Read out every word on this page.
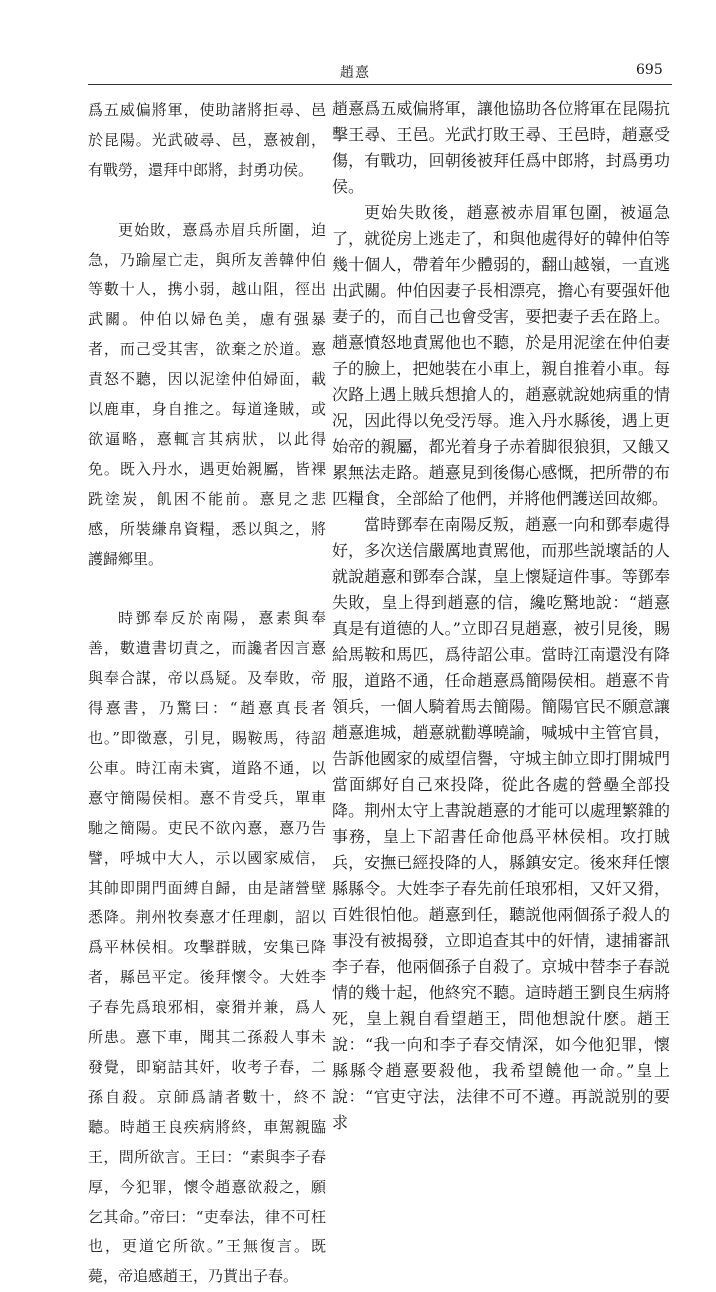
趙憙	695

爲五威偏將軍，使助諸將拒尋、邑於昆陽。光武破尋、邑，憙被創，有戰勞，還拜中郎將，封勇功侯。

更始敗，憙爲赤眉兵所圍，迫急，乃踰屋亡走，與所友善韓仲伯等數十人，携小弱，越山阻，徑出武關。仲伯以婦色美，慮有强暴者，而己受其害，欲棄之於道。憙責怒不聽，因以泥塗仲伯婦面，載以鹿車，身自推之。每道逢賊，或欲逼略，憙輒言其病狀，以此得免。既入丹水，遇更始親屬，皆裸跣塗炭，飢困不能前。憙見之悲感，所裝縑帛資糧，悉以與之，將護歸鄉里。

時鄧奉反於南陽，憙素與奉善，數遺書切責之，而讒者因言憙與奉合謀，帝以爲疑。及奉敗，帝得憙書，乃驚曰：“趙憙真長者也。”即徵憙，引見，賜鞍馬，待詔公車。時江南未賓，道路不通，以憙守簡陽侯相。憙不肯受兵，單車馳之簡陽。吏民不欲內憙，憙乃告譬，呼城中大人，示以國家威信，其帥即開門面縛自歸，由是諸營壁悉降。荆州牧奏憙才任理劇，詔以爲平林侯相。攻擊群賊，安集已降者，縣邑平定。後拜懷令。大姓李子春先爲琅邪相，豪猾并兼，爲人所患。憙下車，聞其二孫殺人事未發覺，即窮詰其奸，收考子春，二孫自殺。京師爲請者數十，終不聽。時趙王良疾病將終，車駕親臨王，問所欲言。王曰：“素與李子春厚，今犯罪，懷令趙憙欲殺之，願乞其命。”帝曰：“吏奉法，律不可枉也，更道它所欲。”王無復言。既薨，帝追感趙王，乃貰出子春。

趙憙爲五威偏將軍，讓他協助各位將軍在昆陽抗擊王尋、王邑。光武打敗王尋、王邑時，趙憙受傷，有戰功，回朝後被拜任爲中郎將，封爲勇功侯。

更始失敗後，趙憙被赤眉軍包圍，被逼急了，就從房上逃走了，和與他處得好的韓仲伯等幾十個人，帶着年少體弱的，翻山越嶺，一直逃出武關。仲伯因妻子長相漂亮，擔心有要强奸他妻子的，而自己也會受害，要把妻子丢在路上。趙憙憤怒地責駡他也不聽，於是用泥塗在仲伯妻子的臉上，把她裝在小車上，親自推着小車。每次路上遇上賊兵想搶人的，趙憙就說她病重的情况，因此得以免受汚辱。進入丹水縣後，遇上更始帝的親屬，都光着身子赤着脚很狼狽，又餓又累無法走路。趙憙見到後傷心感慨，把所帶的布匹糧食，全部給了他們，并將他們護送回故鄉。

當時鄧奉在南陽反叛，趙憙一向和鄧奉處得好，多次送信嚴厲地責駡他，而那些説壞話的人就說趙憙和鄧奉合謀，皇上懷疑這件事。等鄧奉失敗，皇上得到趙憙的信，纔吃驚地說：“趙憙真是有道德的人。”立即召見趙憙，被引見後，賜給馬鞍和馬匹，爲待詔公車。當時江南還没有降服，道路不通，任命趙憙爲簡陽侯相。趙憙不肯領兵，一個人騎着馬去簡陽。簡陽官民不願意讓趙憙進城，趙憙就勸導曉諭，喊城中主管官員，告訴他國家的威望信譽，守城主帥立即打開城門當面綁好自己來投降，從此各處的營壘全部投降。荆州太守上書說趙憙的才能可以處理繁雜的事務，皇上下詔書任命他爲平林侯相。攻打賊兵，安撫已經投降的人，縣鎮安定。後來拜任懷縣縣令。大姓李子春先前任琅邪相，又奸又猾，百姓很怕他。趙憙到任，聽説他兩個孫子殺人的事没有被揭發，立即追查其中的奸情，逮捕審訊李子春，他兩個孫子自殺了。京城中替李子春説情的幾十起，他終究不聽。這時趙王劉良生病將死，皇上親自看望趙王，問他想說什麽。趙王說：“我一向和李子春交情深，如今他犯罪，懷縣縣令趙憙要殺他，我希望饒他一命。”皇上說：“官吏守法，法律不可不遵。再説説别的要求
